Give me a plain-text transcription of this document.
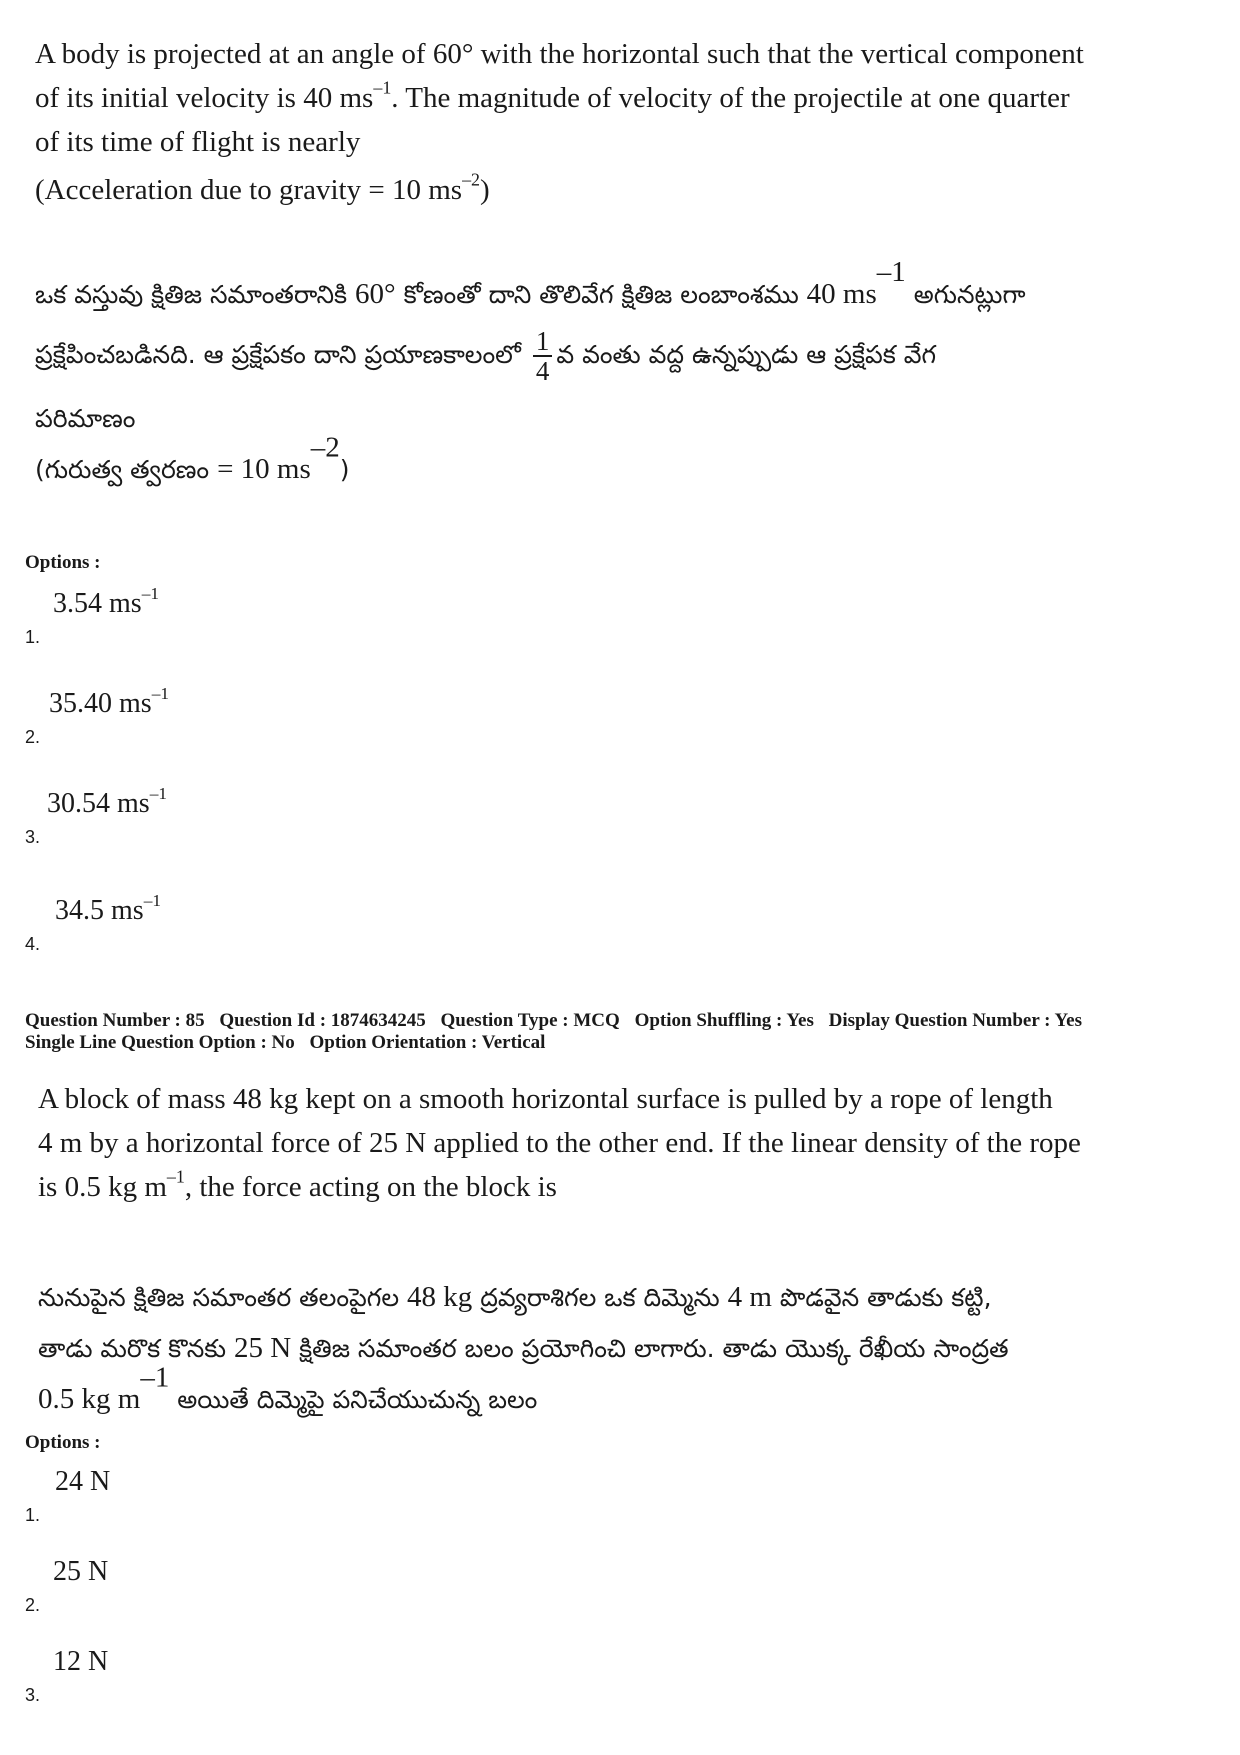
A body is projected at an angle of 60° with the horizontal such that the vertical component

of its initial velocity is 40 $ms^{-1}$. The magnitude of velocity of the projectile at one quarter

of its time of flight is nearly

(Acceleration due to gravity = 10 $ms^{-2}$)

ఒక వస్తువు క్షితిజ సమాంతరానికి 60° కోణంతో దాని తొలివేగ క్షితిజ లంబాంశము 40 $ms^{-1}$ అగునట్లుగా

ప్రక్షేపించబడినది. ఆ ప్రక్షేపకం దాని ప్రయాణకాలంలో $\frac{1}{4}$ వ వంతు వద్ద ఉన్నప్పుడు ఆ ప్రక్షేపక వేగ

పరిమాణం

(గురుత్వ త్వరణం = 10 $ms^{-2}$)

Options :
3.54 $ms^{-1}$
1.
35.40 $ms^{-1}$
2.
30.54 $ms^{-1}$
3.
34.5 $ms^{-1}$
4.
Question Number : 85 Question Id : 1874634245 Question Type : MCQ Option Shuffling : Yes Display Question Number : Yes
Single Line Question Option : No Option Orientation : Vertical

A block of mass 48 kg kept on a smooth horizontal surface is pulled by a rope of length

4 m by a horizontal force of 25 N applied to the other end. If the linear density of the rope

is 0.5 kg $m^{-1}$, the force acting on the block is

నునుపైన క్షితిజ సమాంతర తలంపైగల 48 kg ద్రవ్యరాశిగల ఒక దిమ్మెను 4 m పొడవైన తాడుకు కట్టి,

తాడు మరొక కొనకు 25 N క్షితిజ సమాంతర బలం ప్రయోగించి లాగారు. తాడు యొక్క రేఖీయ సాంద్రత

0.5 kg $m^{-1}$ అయితే దిమ్మెపై పనిచేయుచున్న బలం

Options :
24 N
1.
25 N
2.
12 N
3.
